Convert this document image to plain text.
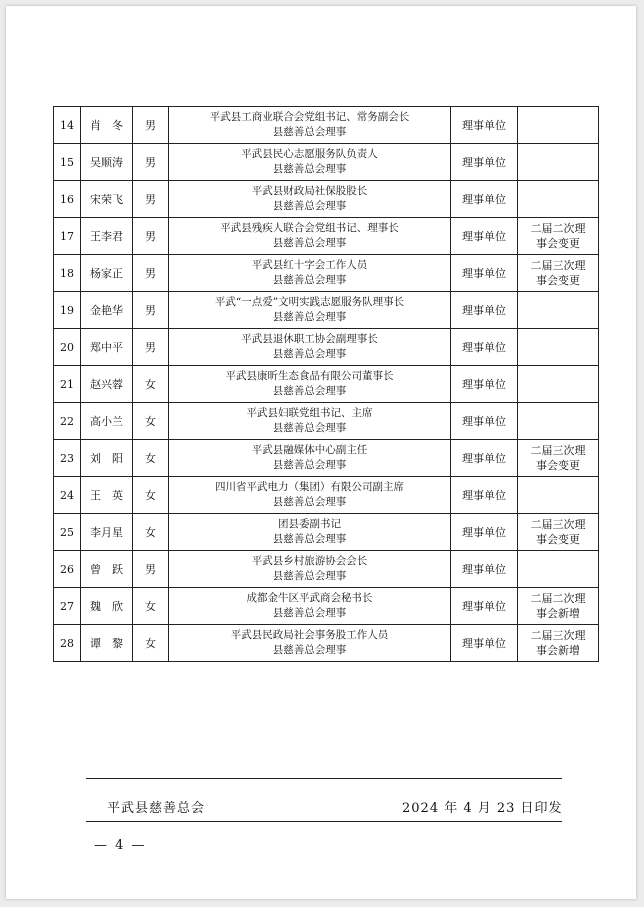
14	肖　冬	男	平武县工商业联合会党组书记、常务副会长
县慈善总会理事	理事单位	
15	吴顺涛	男	平武县民心志愿服务队负责人
县慈善总会理事	理事单位	
16	宋荣飞	男	平武县财政局社保股股长
县慈善总会理事	理事单位	
17	王李君	男	平武县残疾人联合会党组书记、理事长
县慈善总会理事	理事单位	二届二次理
事会变更
18	杨家正	男	平武县红十字会工作人员
县慈善总会理事	理事单位	二届三次理
事会变更
19	金艳华	男	平武“一点爱”文明实践志愿服务队理事长
县慈善总会理事	理事单位	
20	郑中平	男	平武县退休职工协会副理事长
县慈善总会理事	理事单位	
21	赵兴蓉	女	平武县康昕生态食品有限公司董事长
县慈善总会理事	理事单位	
22	高小兰	女	平武县妇联党组书记、主席
县慈善总会理事	理事单位	
23	刘　阳	女	平武县融媒体中心副主任
县慈善总会理事	理事单位	二届三次理
事会变更
24	王　英	女	四川省平武电力（集团）有限公司副主席
县慈善总会理事	理事单位	
25	李月星	女	团县委副书记
县慈善总会理事	理事单位	二届三次理
事会变更
26	曾　跃	男	平武县乡村旅游协会会长
县慈善总会理事	理事单位	
27	魏　欣	女	成都金牛区平武商会秘书长
县慈善总会理事	理事单位	二届二次理
事会新增
28	谭　黎	女	平武县民政局社会事务股工作人员
县慈善总会理事	理事单位	二届三次理
事会新增
平武县慈善总会	2024 年 4 月 23 日印发
— 4 —
